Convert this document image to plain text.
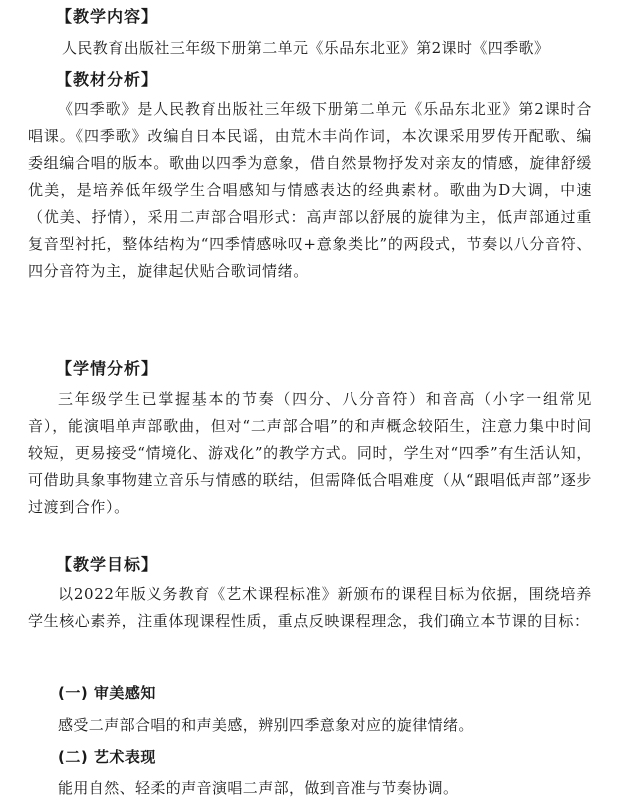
【教学内容】
人民教育出版社三年级下册第二单元《乐品东北亚》第2课时《四季歌》
【教材分析】

《四季歌》是人民教育出版社三年级下册第二单元《乐品东北亚》第2课时合唱课。《四季歌》改编自日本民谣，由荒木丰尚作词，本次课采用罗传开配歌、编委组编合唱的版本。歌曲以四季为意象，借自然景物抒发对亲友的情感，旋律舒缓优美，是培养低年级学生合唱感知与情感表达的经典素材。歌曲为D大调，中速（优美、抒情），采用二声部合唱形式：高声部以舒展的旋律为主，低声部通过重复音型衬托，整体结构为“四季情感咏叹+意象类比”的两段式，节奏以八分音符、四分音符为主，旋律起伏贴合歌词情绪。

【学情分析】

三年级学生已掌握基本的节奏（四分、八分音符）和音高（小字一组常见音），能演唱单声部歌曲，但对“二声部合唱”的和声概念较陌生，注意力集中时间较短，更易接受“情境化、游戏化”的教学方式。同时，学生对“四季”有生活认知，可借助具象事物建立音乐与情感的联结，但需降低合唱难度（从“跟唱低声部”逐步过渡到合作）。

【教学目标】

以2022年版义务教育《艺术课程标准》新颁布的课程目标为依据，围绕培养学生核心素养，注重体现课程性质，重点反映课程理念，我们确立本节课的目标：

(一) 审美感知
感受二声部合唱的和声美感，辨别四季意象对应的旋律情绪。
(二) 艺术表现
能用自然、轻柔的声音演唱二声部，做到音准与节奏协调。
